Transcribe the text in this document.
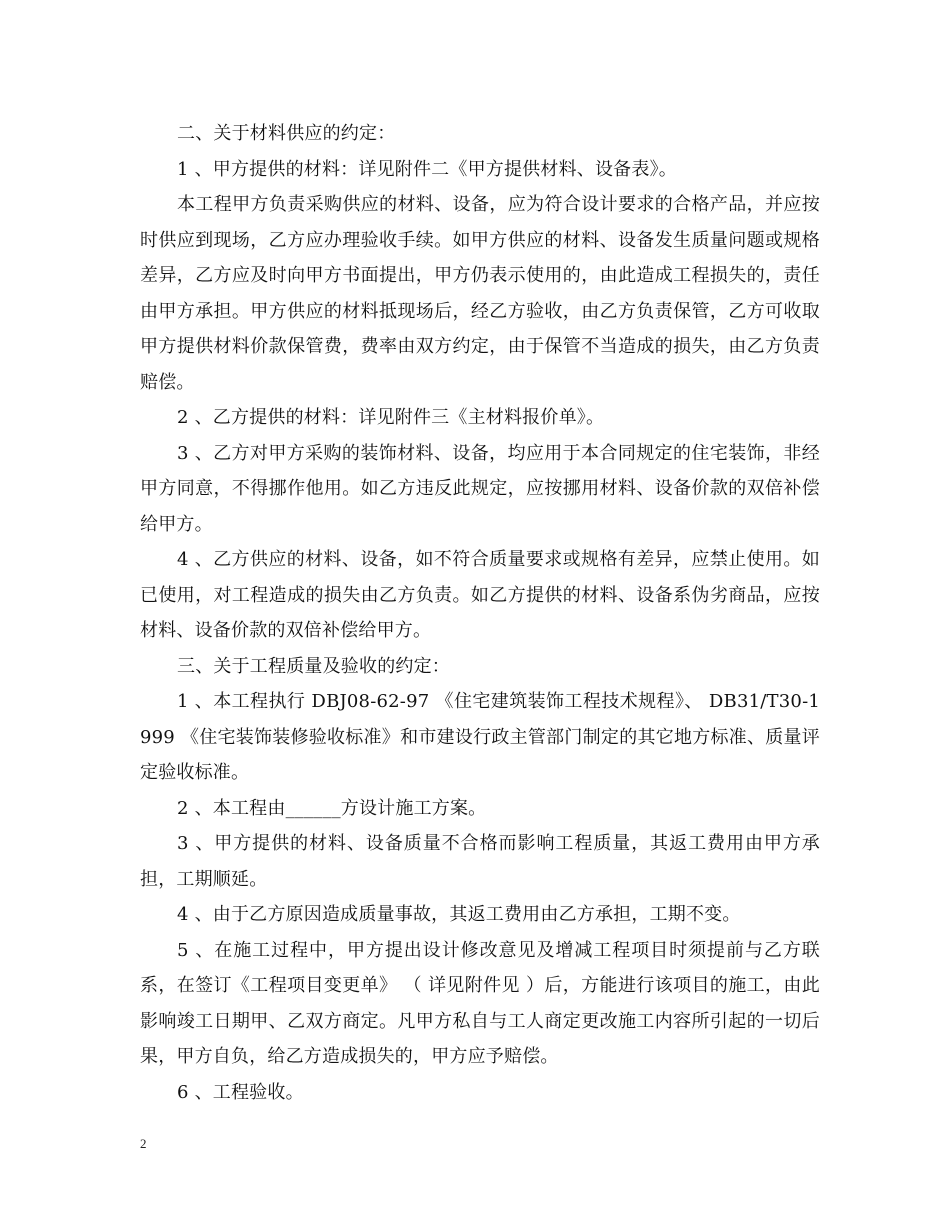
二、关于材料供应的约定：

1 、甲方提供的材料：详见附件二《甲方提供材料、设备表》。

本工程甲方负责采购供应的材料、设备，应为符合设计要求的合格产品，并应按时供应到现场，乙方应办理验收手续。如甲方供应的材料、设备发生质量问题或规格差异，乙方应及时向甲方书面提出，甲方仍表示使用的，由此造成工程损失的，责任由甲方承担。甲方供应的材料抵现场后，经乙方验收，由乙方负责保管，乙方可收取甲方提供材料价款保管费，费率由双方约定，由于保管不当造成的损失，由乙方负责赔偿。

2 、乙方提供的材料：详见附件三《主材料报价单》。

3 、乙方对甲方采购的装饰材料、设备，均应用于本合同规定的住宅装饰，非经甲方同意，不得挪作他用。如乙方违反此规定，应按挪用材料、设备价款的双倍补偿给甲方。

4 、乙方供应的材料、设备，如不符合质量要求或规格有差异，应禁止使用。如已使用，对工程造成的损失由乙方负责。如乙方提供的材料、设备系伪劣商品，应按材料、设备价款的双倍补偿给甲方。

三、关于工程质量及验收的约定：

1 、本工程执行 DBJ08-62-97 《住宅建筑装饰工程技术规程》、 DB31/T30-1999 《住宅装饰装修验收标准》和市建设行政主管部门制定的其它地方标准、质量评定验收标准。

2 、本工程由______方设计施工方案。

3 、甲方提供的材料、设备质量不合格而影响工程质量，其返工费用由甲方承担，工期顺延。

4 、由于乙方原因造成质量事故，其返工费用由乙方承担，工期不变。

5 、在施工过程中，甲方提出设计修改意见及增减工程项目时须提前与乙方联系，在签订《工程项目变更单》 （ 详见附件见 ）后，方能进行该项目的施工，由此影响竣工日期甲、乙双方商定。凡甲方私自与工人商定更改施工内容所引起的一切后果，甲方自负，给乙方造成损失的，甲方应予赔偿。

6 、工程验收。

2
